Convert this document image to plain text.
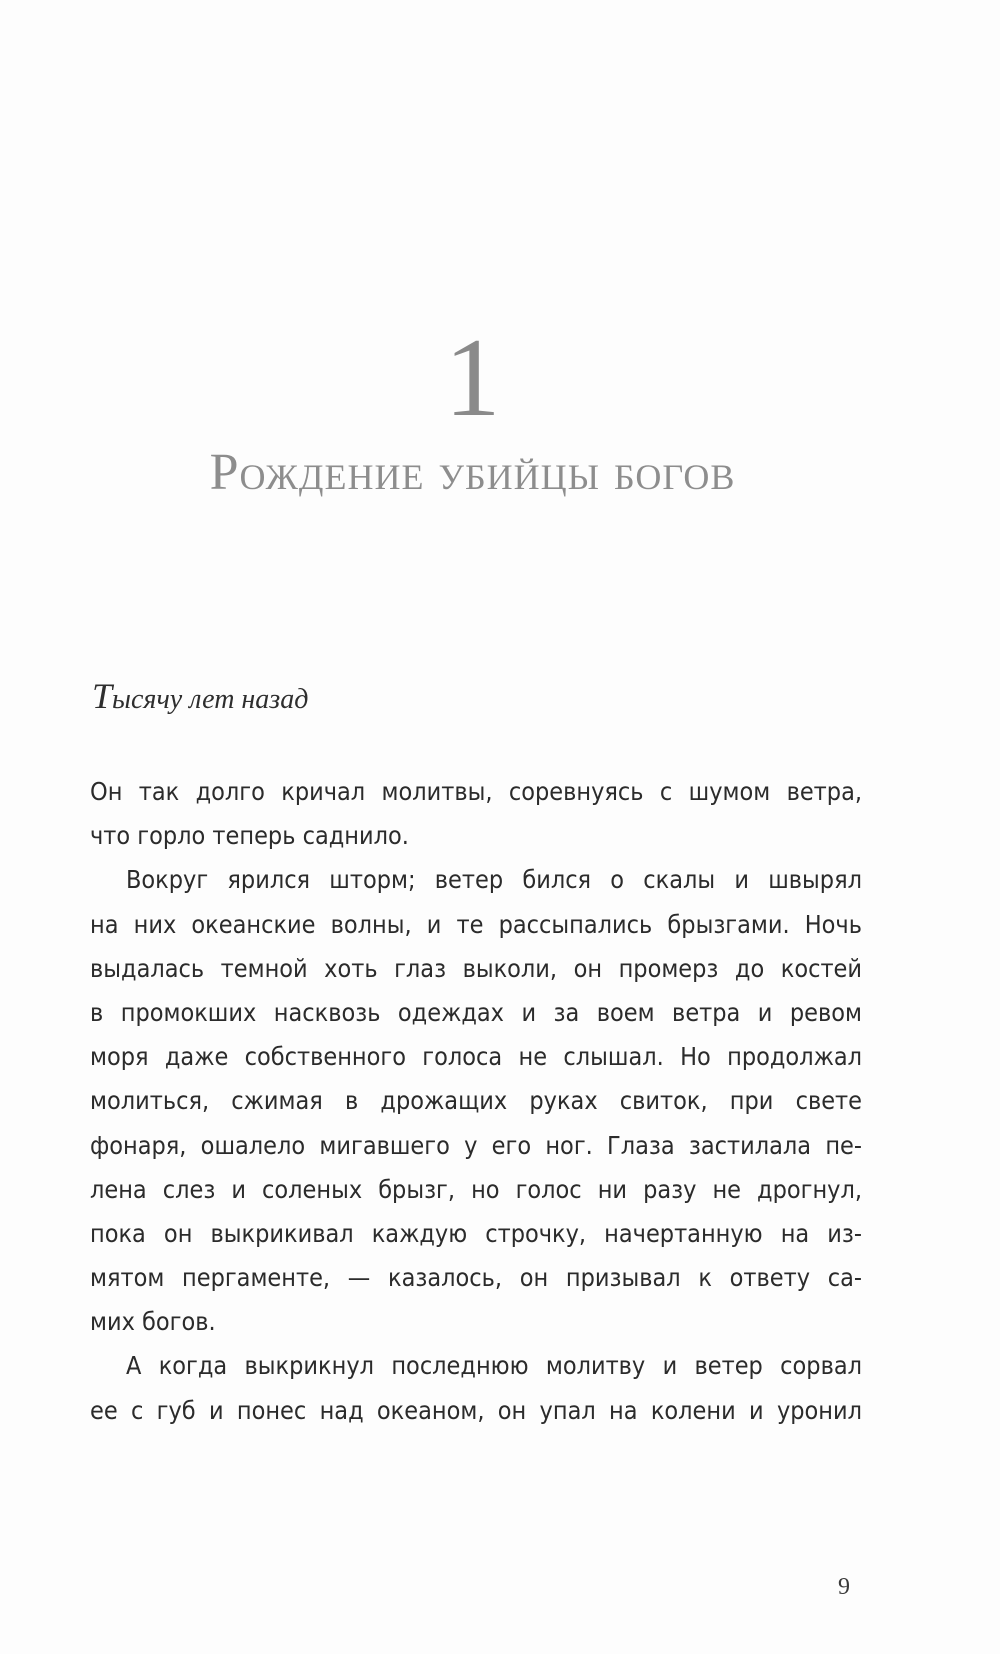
1
Рождение убийцы богов
Тысячу лет назад
Он так долго кричал молитвы, соревнуясь с шумом ветра,
что горло теперь саднило.
Вокруг ярился шторм; ветер бился о скалы и швырял
на них океанские волны, и те рассыпались брызгами. Ночь
выдалась темной хоть глаз выколи, он промерз до костей
в промокших насквозь одеждах и за воем ветра и ревом
моря даже собственного голоса не слышал. Но продолжал
молиться, сжимая в дрожащих руках свиток, при свете
фонаря, ошалело мигавшего у его ног. Глаза застилала пе-
лена слез и соленых брызг, но голос ни разу не дрогнул,
пока он выкрикивал каждую строчку, начертанную на из-
мятом пергаменте, — казалось, он призывал к ответу са-
мих богов.
А когда выкрикнул последнюю молитву и ветер сорвал
ее с губ и понес над океаном, он упал на колени и уронил
9
